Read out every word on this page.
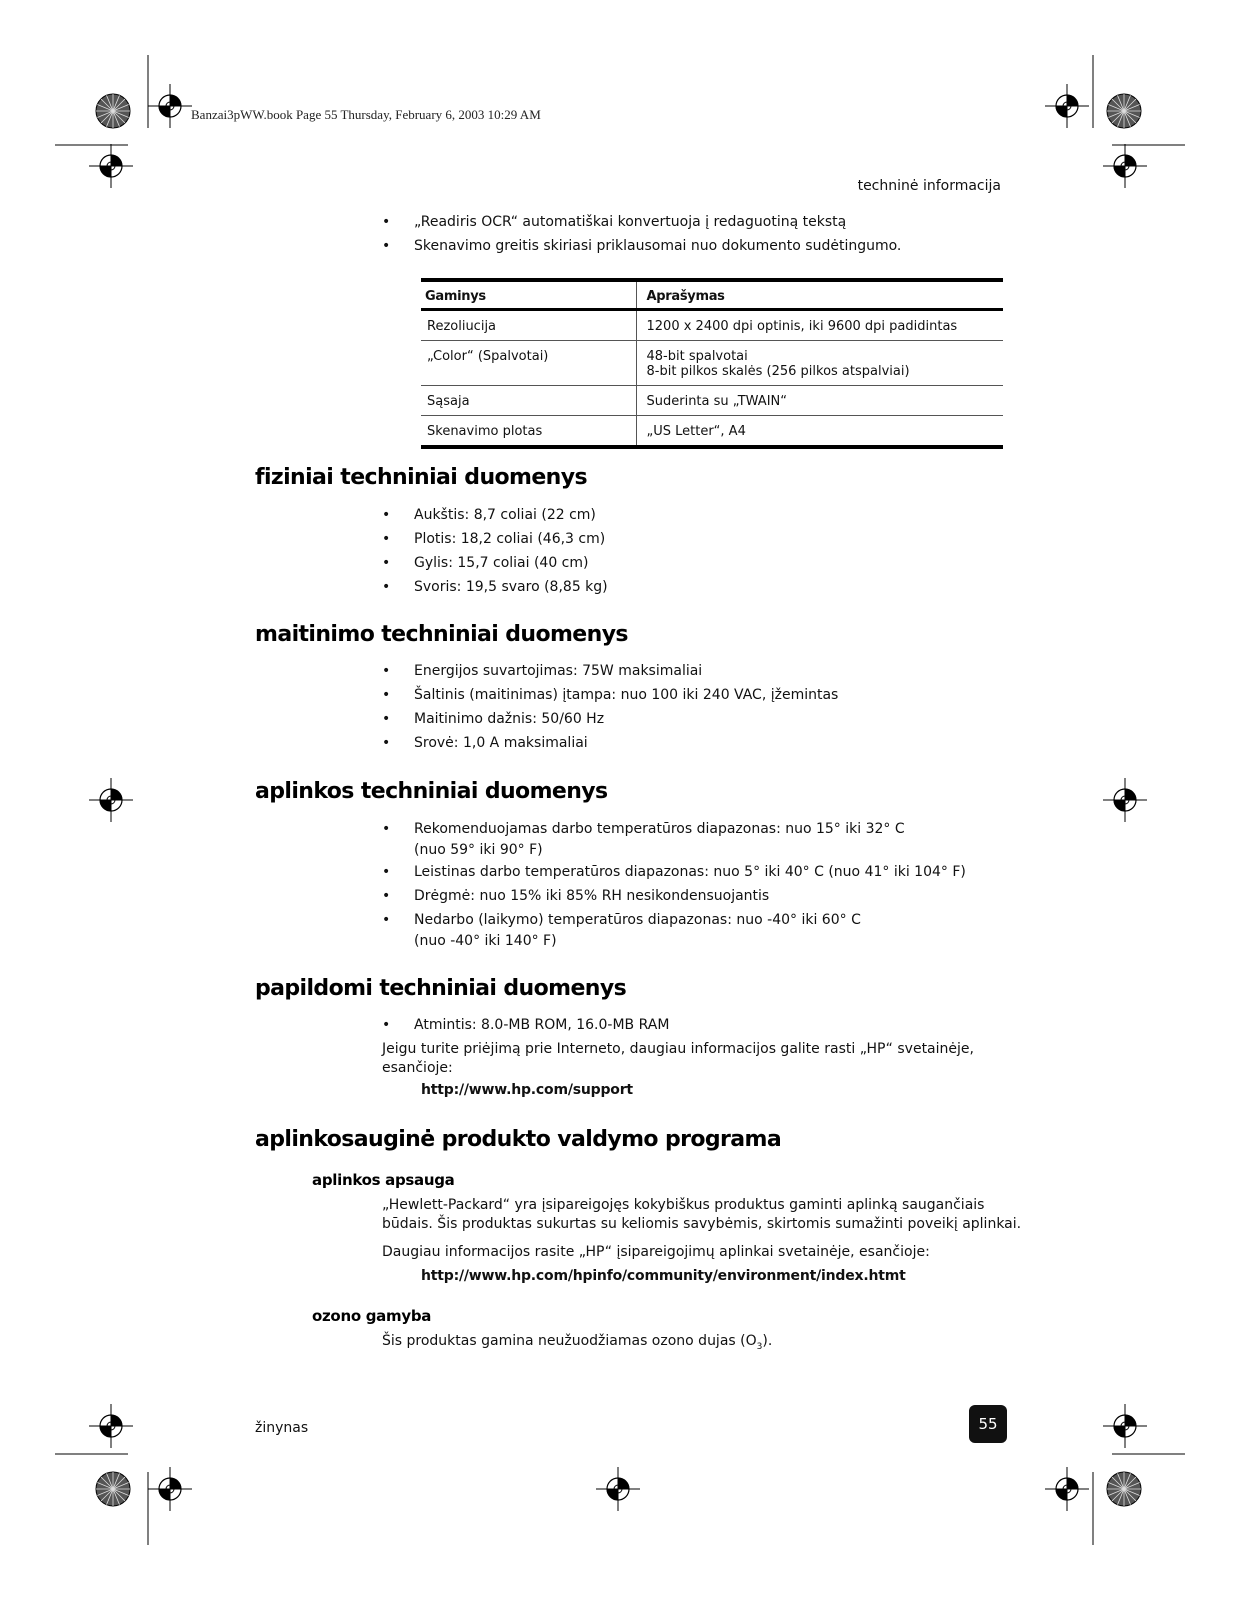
Banzai3pWW.book Page 55 Thursday, February 6, 2003 10:29 AM
techninė informacija
• „Readiris OCR“ automatiškai konvertuoja į redaguotiną tekstą
• Skenavimo greitis skiriasi priklausomai nuo dokumento sudėtingumo.
Gaminys	Aprašymas
Rezoliucija	1200 x 2400 dpi optinis, iki 9600 dpi padidintas
„Color“ (Spalvotai)	48-bit spalvotai
8-bit pilkos skalės (256 pilkos atspalviai)

Sąsaja	Suderinta su „TWAIN“
Skenavimo plotas	„US Letter“, A4
fiziniai techniniai duomenys
• Aukštis: 8,7 coliai (22 cm)
• Plotis: 18,2 coliai (46,3 cm)
• Gylis: 15,7 coliai (40 cm)
• Svoris: 19,5 svaro (8,85 kg)
maitinimo techniniai duomenys
• Energijos suvartojimas: 75W maksimaliai
• Šaltinis (maitinimas) įtampa: nuo 100 iki 240 VAC, įžemintas
• Maitinimo dažnis: 50/60 Hz
• Srovė: 1,0 A maksimaliai
aplinkos techniniai duomenys
• Rekomenduojamas darbo temperatūros diapazonas: nuo 15° iki 32° C
(nuo 59° iki 90° F)
• Leistinas darbo temperatūros diapazonas: nuo 5° iki 40° C (nuo 41° iki 104° F)
• Drėgmė: nuo 15% iki 85% RH nesikondensuojantis
• Nedarbo (laikymo) temperatūros diapazonas: nuo -40° iki 60° C
(nuo -40° iki 140° F)
papildomi techniniai duomenys
• Atmintis: 8.0-MB ROM, 16.0-MB RAM
Jeigu turite priėjimą prie Interneto, daugiau informacijos galite rasti „HP“ svetainėje, esančioje:
http://www.hp.com/support
aplinkosauginė produkto valdymo programa
aplinkos apsauga
„Hewlett-Packard“ yra įsipareigojęs kokybiškus produktus gaminti aplinką saugančiais būdais. Šis produktas sukurtas su keliomis savybėmis, skirtomis sumažinti poveikį aplinkai.
Daugiau informacijos rasite „HP“ įsipareigojimų aplinkai svetainėje, esančioje:
http://www.hp.com/hpinfo/community/environment/index.htmt
ozono gamyba
Šis produktas gamina neužuodžiamas ozono dujas $(O_3)$.
žinynas	55
